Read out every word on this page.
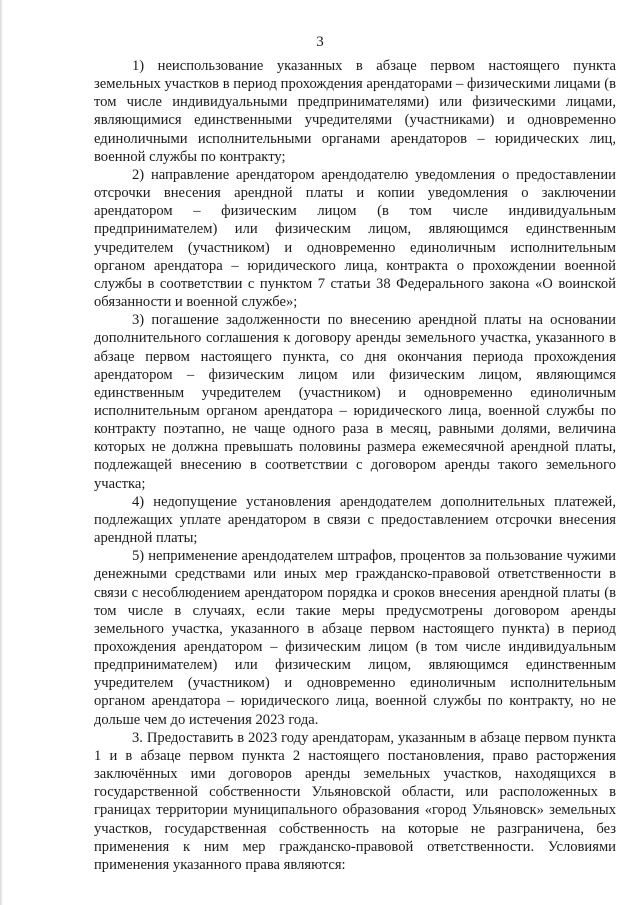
3

1) неиспользование указанных в абзаце первом настоящего пункта земельных участков в период прохождения арендаторами – физическими лицами (в том числе индивидуальными предпринимателями) или физическими лицами, являющимися единственными учредителями (участниками) и одновременно единоличными исполнительными органами арендаторов – юридических лиц, военной службы по контракту;

2) направление арендатором арендодателю уведомления о предоставлении отсрочки внесения арендной платы и копии уведомления о заключении арендатором – физическим лицом (в том числе индивидуальным предпринимателем) или физическим лицом, являющимся единственным учредителем (участником) и одновременно единоличным исполнительным органом арендатора – юридического лица, контракта о прохождении военной службы в соответствии с пунктом 7 статьи 38 Федерального закона «О воинской обязанности и военной службе»;

3) погашение задолженности по внесению арендной платы на основании дополнительного соглашения к договору аренды земельного участка, указанного в абзаце первом настоящего пункта, со дня окончания периода прохождения арендатором – физическим лицом или физическим лицом, являющимся единственным учредителем (участником) и одновременно единоличным исполнительным органом арендатора – юридического лица, военной службы по контракту поэтапно, не чаще одного раза в месяц, равными долями, величина которых не должна превышать половины размера ежемесячной арендной платы, подлежащей внесению в соответствии с договором аренды такого земельного участка;

4) недопущение установления арендодателем дополнительных платежей, подлежащих уплате арендатором в связи с предоставлением отсрочки внесения арендной платы;

5) неприменение арендодателем штрафов, процентов за пользование чужими денежными средствами или иных мер гражданско-правовой ответственности в связи с несоблюдением арендатором порядка и сроков внесения арендной платы (в том числе в случаях, если такие меры предусмотрены договором аренды земельного участка, указанного в абзаце первом настоящего пункта) в период прохождения арендатором – физическим лицом (в том числе индивидуальным предпринимателем) или физическим лицом, являющимся единственным учредителем (участником) и одновременно единоличным исполнительным органом арендатора – юридического лица, военной службы по контракту, но не дольше чем до истечения 2023 года.

3. Предоставить в 2023 году арендаторам, указанным в абзаце первом пункта 1 и в абзаце первом пункта 2 настоящего постановления, право расторжения заключённых ими договоров аренды земельных участков, находящихся в государственной собственности Ульяновской области, или расположенных в границах территории муниципального образования «город Ульяновск» земельных участков, государственная собственность на которые не разграничена, без применения к ним мер гражданско-правовой ответственности. Условиями применения указанного права являются:
